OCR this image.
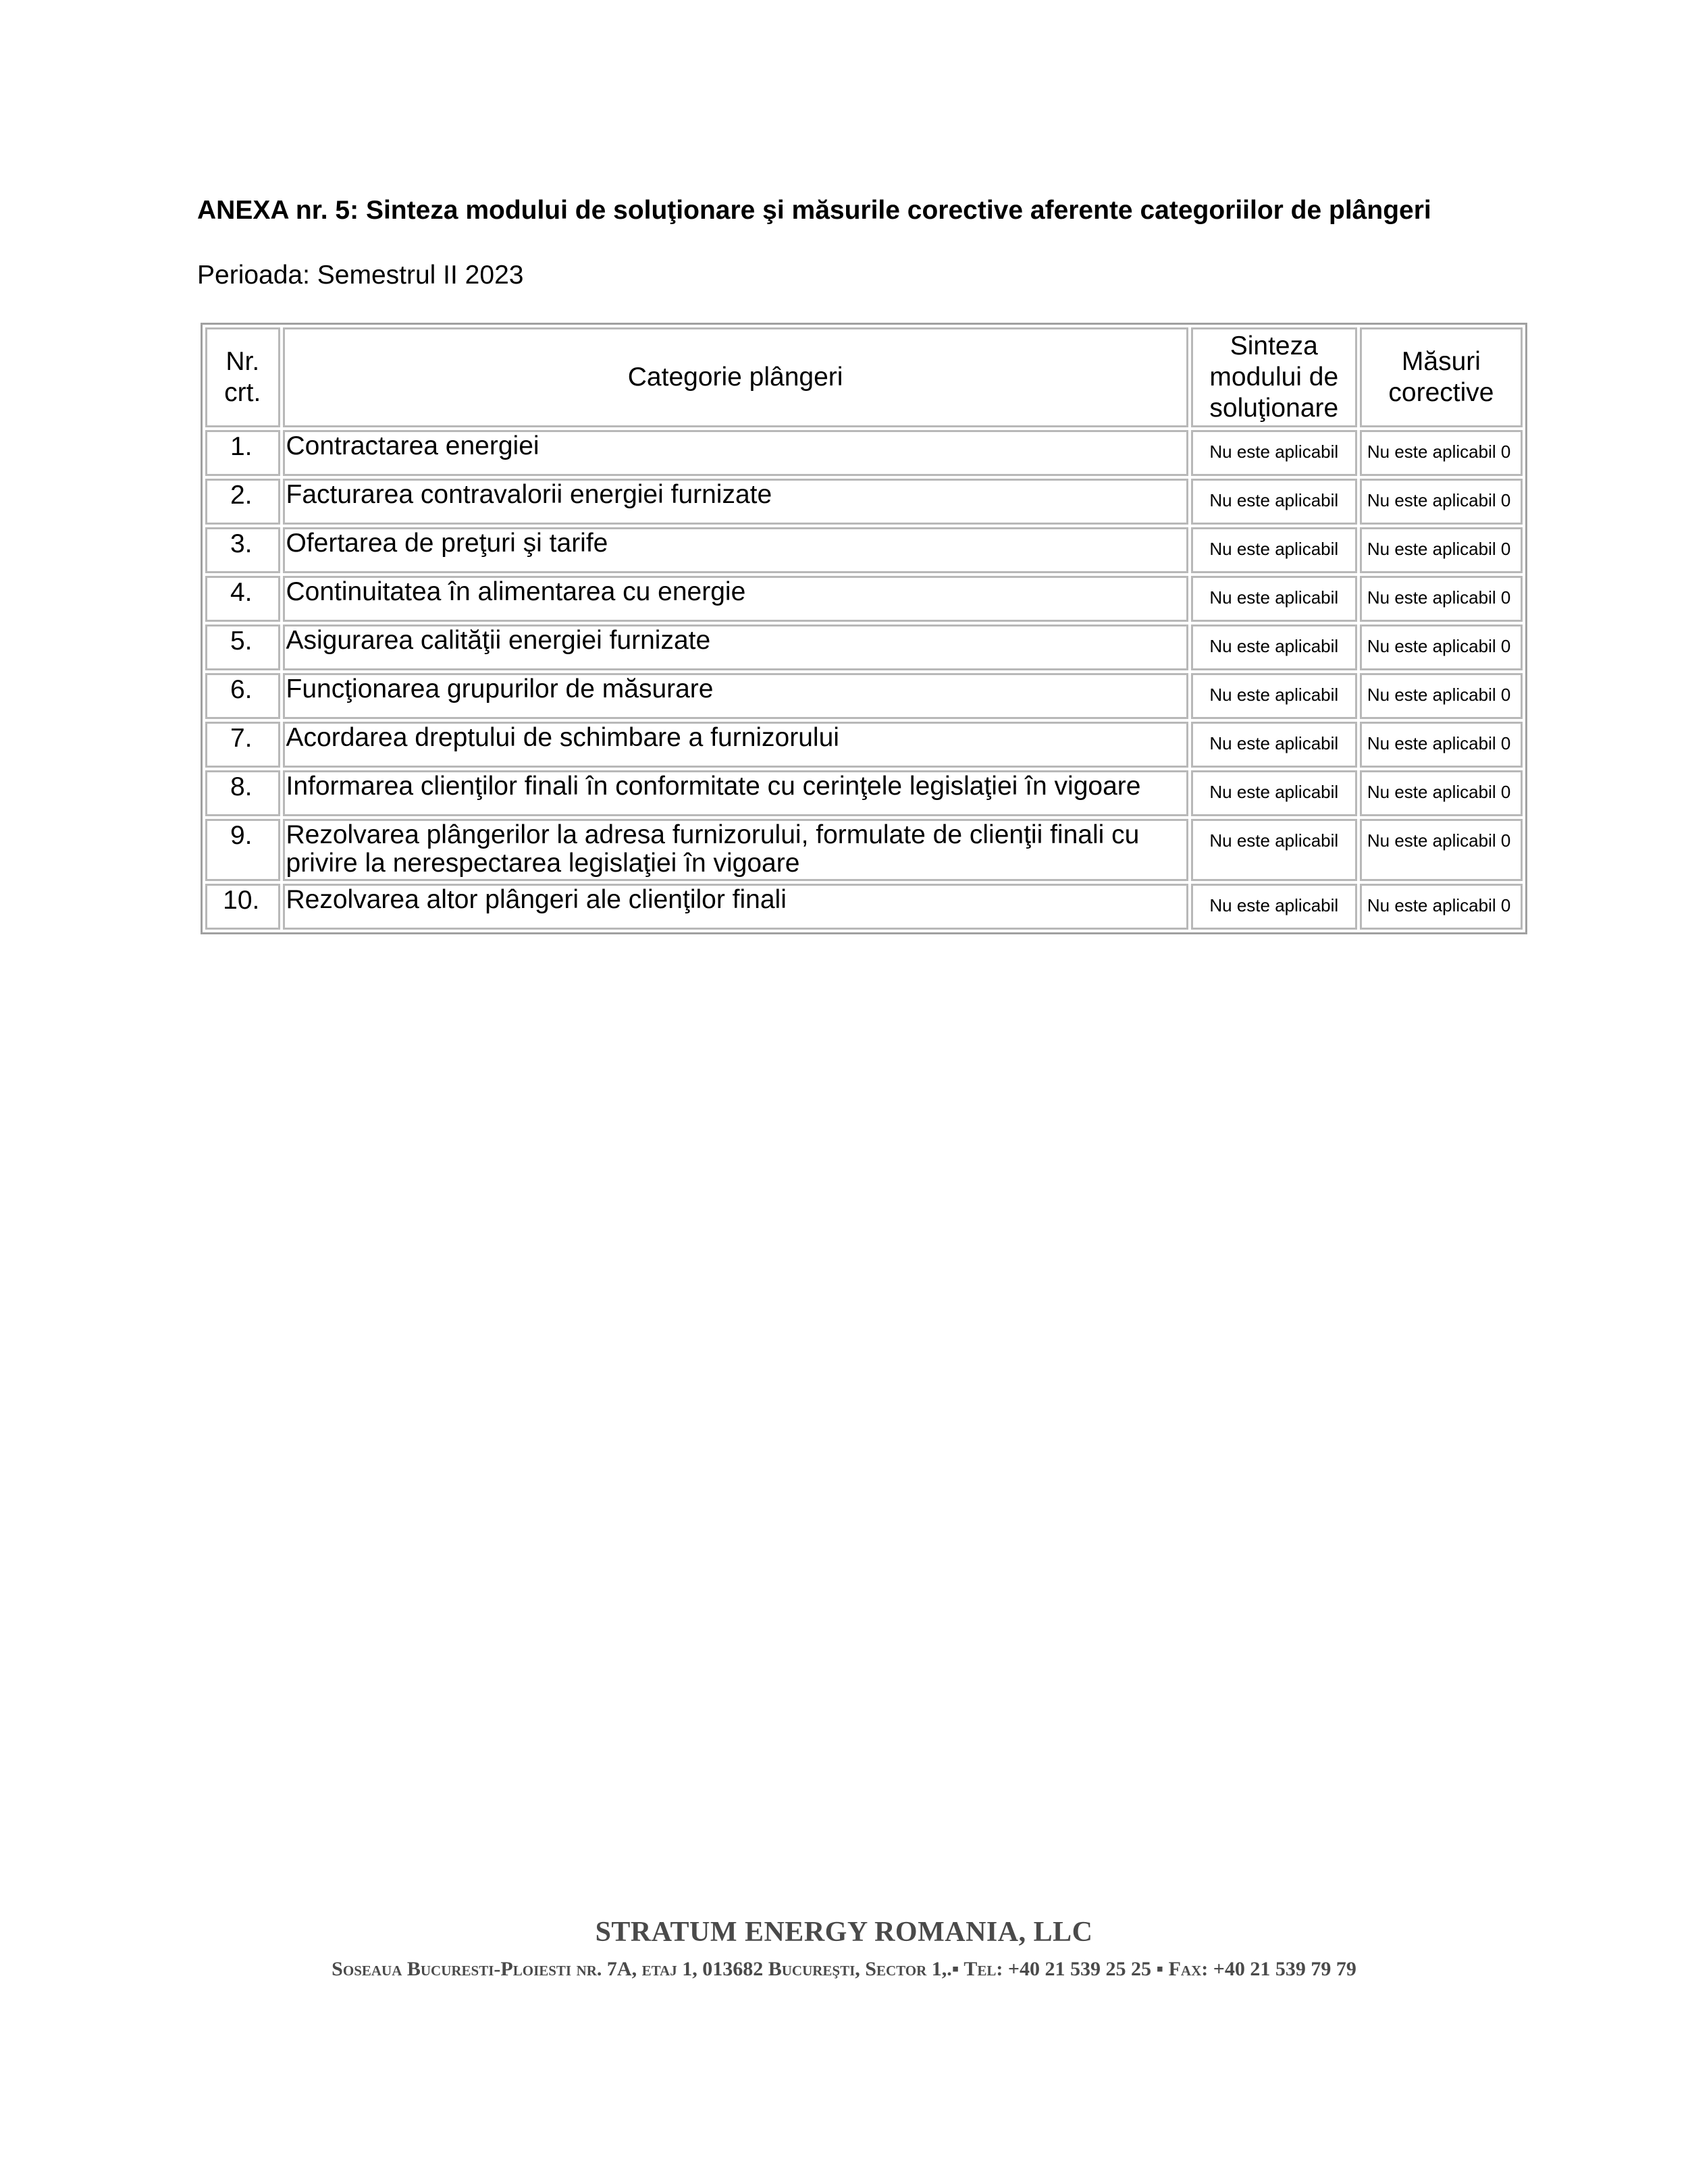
ANEXA nr. 5: Sinteza modului de soluţionare şi măsurile corective aferente categoriilor de plângeri
Perioada: Semestrul II 2023
Nr. crt.	Categorie plângeri	Sinteza modului de soluţionare	Măsuri corective
1.	Contractarea energiei	Nu este aplicabil	Nu este aplicabil 0
2.	Facturarea contravalorii energiei furnizate	Nu este aplicabil	Nu este aplicabil 0
3.	Ofertarea de preţuri şi tarife	Nu este aplicabil	Nu este aplicabil 0
4.	Continuitatea în alimentarea cu energie	Nu este aplicabil	Nu este aplicabil 0
5.	Asigurarea calităţii energiei furnizate	Nu este aplicabil	Nu este aplicabil 0
6.	Funcţionarea grupurilor de măsurare	Nu este aplicabil	Nu este aplicabil 0
7.	Acordarea dreptului de schimbare a furnizorului	Nu este aplicabil	Nu este aplicabil 0
8.	Informarea clienţilor finali în conformitate cu cerinţele legislaţiei în vigoare	Nu este aplicabil	Nu este aplicabil 0
9.	Rezolvarea plângerilor la adresa furnizorului, formulate de clienţii finali cu privire la nerespectarea legislaţiei în vigoare	Nu este aplicabil	Nu este aplicabil 0
10.	Rezolvarea altor plângeri ale clienţilor finali	Nu este aplicabil	Nu este aplicabil 0
STRATUM ENERGY ROMANIA, LLC
Soseaua Bucuresti-Ploiesti nr. 7A, etaj 1, 013682 Bucureşti, Sector 1,.▪ Tel: +40 21 539 25 25 ▪ Fax: +40 21 539 79 79
